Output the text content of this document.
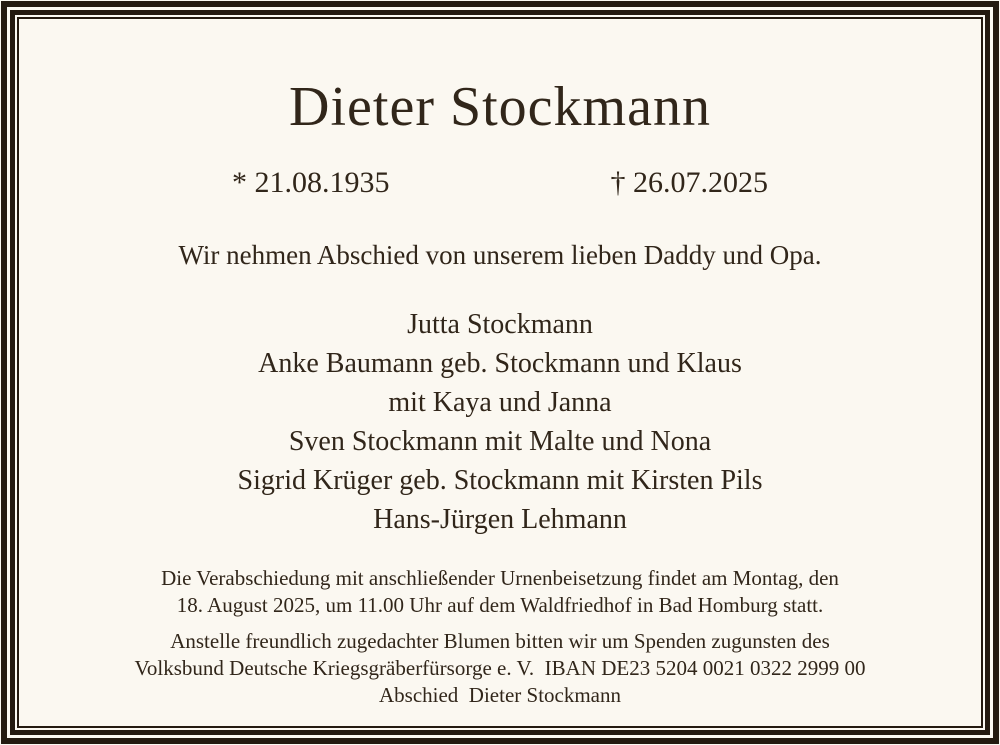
Dieter Stockmann
* 21.08.1935	† 26.07.2025
Wir nehmen Abschied von unserem lieben Daddy und Opa.
Jutta Stockmann
Anke Baumann geb. Stockmann und Klaus
mit Kaya und Janna
Sven Stockmann mit Malte und Nona
Sigrid Krüger geb. Stockmann mit Kirsten Pils
Hans-Jürgen Lehmann
Die Verabschiedung mit anschließender Urnenbeisetzung findet am Montag, den
18. August 2025, um 11.00 Uhr auf dem Waldfriedhof in Bad Homburg statt.
Anstelle freundlich zugedachter Blumen bitten wir um Spenden zugunsten des
Volksbund Deutsche Kriegsgräberfürsorge e. V.  IBAN DE23 5204 0021 0322 2999 00
Abschied  Dieter Stockmann
